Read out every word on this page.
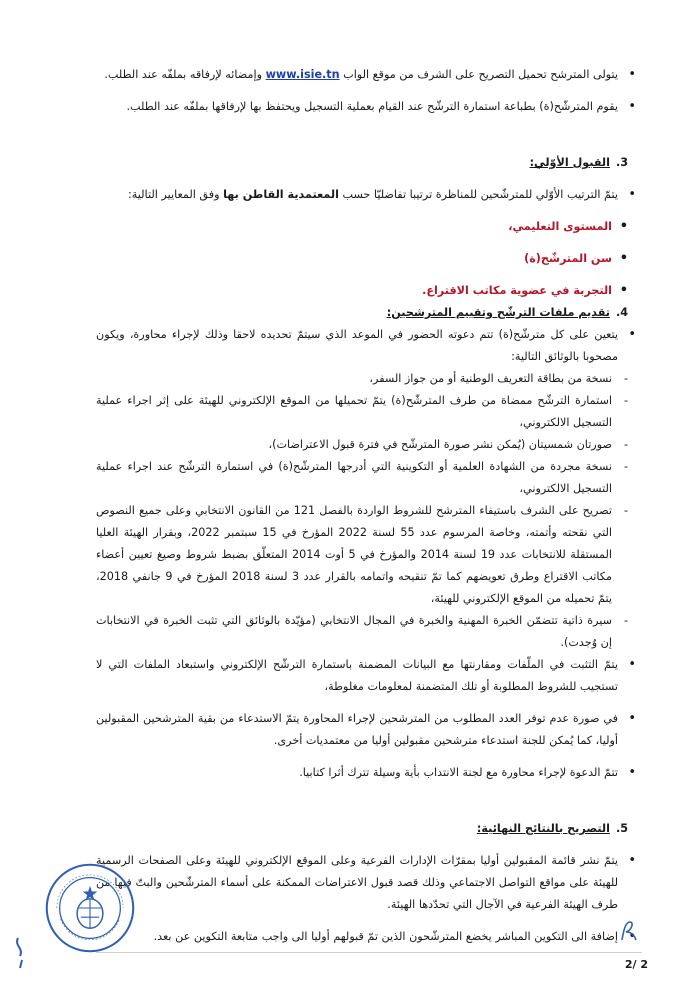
• يتولى المترشح تحميل التصريح على الشرف من موقع الواب www.isie.tn وإمضائه لإرفاقه بملفّه عند الطلب.
• يقوم المترشّح(ة) بطباعة استمارة الترشّح عند القيام بعملية التسجيل ويحتفظ بها لإرفاقها بملفّه عند الطلب.
3.القبول الأوّلي:
• يتمّ الترتيب الأوّلي للمترشّحين للمناظرة ترتيبا تفاضليّا حسب المعتمدية القاطن بها وفق المعايير التالية:
• المستوى التعليمي،
• سن المترشّح(ة)
• التجربة في عضوية مكاتب الاقتراع.
4.تقديم ملفات الترشّح وتقييم المترشحين:
• يتعين على كل مترشّح(ة) تتم دعوته الحضور في الموعد الذي سيتمّ تحديده لاحقا وذلك لإجراء محاورة، ويكون مصحوبا بالوثائق التالية:
- نسخة من بطاقة التعريف الوطنية أو من جواز السفر،
- استمارة الترشّح ممضاة من طرف المترشّح(ة) يتمّ تحميلها من الموقع الإلكتروني للهيئة على إثر اجراء عملية التسجيل الالكتروني،
- صورتان شمسيتان (يُمكن نشر صورة المترشّح في فترة قبول الاعتراضات)،
- نسخة مجردة من الشهادة العلمية أو التكوينية التي أدرجها المترشّح(ة) في استمارة الترشّح عند اجراء عملية التسجيل الالكتروني،
- تصريح على الشرف باستيفاء المترشح للشروط الواردة بالفصل 121 من القانون الانتخابي وعلى جميع النصوص التي نقحته وأتمته، وخاصة المرسوم عدد 55 لسنة 2022 المؤرخ في 15 سبتمبر 2022، وبقرار الهيئة العليا المستقلة للانتخابات عدد 19 لسنة 2014 والمؤرخ في 5 أوت 2014 المتعلّق بضبط شروط وصيغ تعيين أعضاء مكاتب الاقتراع وطرق تعويضهم كما تمّ تنقيحه واتمامه بالقرار عدد 3 لسنة 2018 المؤرخ في 9 جانفي 2018، يتمّ تحميله من الموقع الإلكتروني للهيئة،
- سيرة ذاتية تتضمّن الخبرة المهنية والخبرة في المجال الانتخابي (مؤيّدة بالوثائق التي تثبت الخبرة في الانتخابات إن وُجدت).
• يتمّ التثبت في الملّفات ومقارنتها مع البيانات المضمنة باستمارة الترشّح الإلكتروني واستبعاد الملفات التي لا تستجيب للشروط المطلوبة أو تلك المتضمنة لمعلومات مغلوطة،
• في صورة عدم توفر العدد المطلوب من المترشحين لإجراء المحاورة يتمّ الاستدعاء من بقية المترشحين المقبولين أوليا، كما يُمكن للجنة استدعاء مترشحين مقبولين أوليا من معتمديات أخرى.
• تتمّ الدعوة لإجراء محاورة مع لجنة الانتداب بأية وسيلة تترك أثرا كتابيا.
5.التصريح بالنتائج النهائية:
• يتمّ نشر قائمة المقبولين أوليا بمقرّات الإدارات الفرعية وعلى الموقع الإلكتروني للهيئة وعلى الصفحات الرسمية للهيئة على مواقع التواصل الاجتماعي وذلك قصد قبول الاعتراضات الممكنة على أسماء المترشّحين والبتّ فيها من طرف الهيئة الفرعية في الآجال التي تحدّدها الهيئة.
• إضافة الى التكوين المباشر يخضع المترشّحون الذين تمّ قبولهم أوليا الى واجب متابعة التكوين عن بعد.
2/ 2
